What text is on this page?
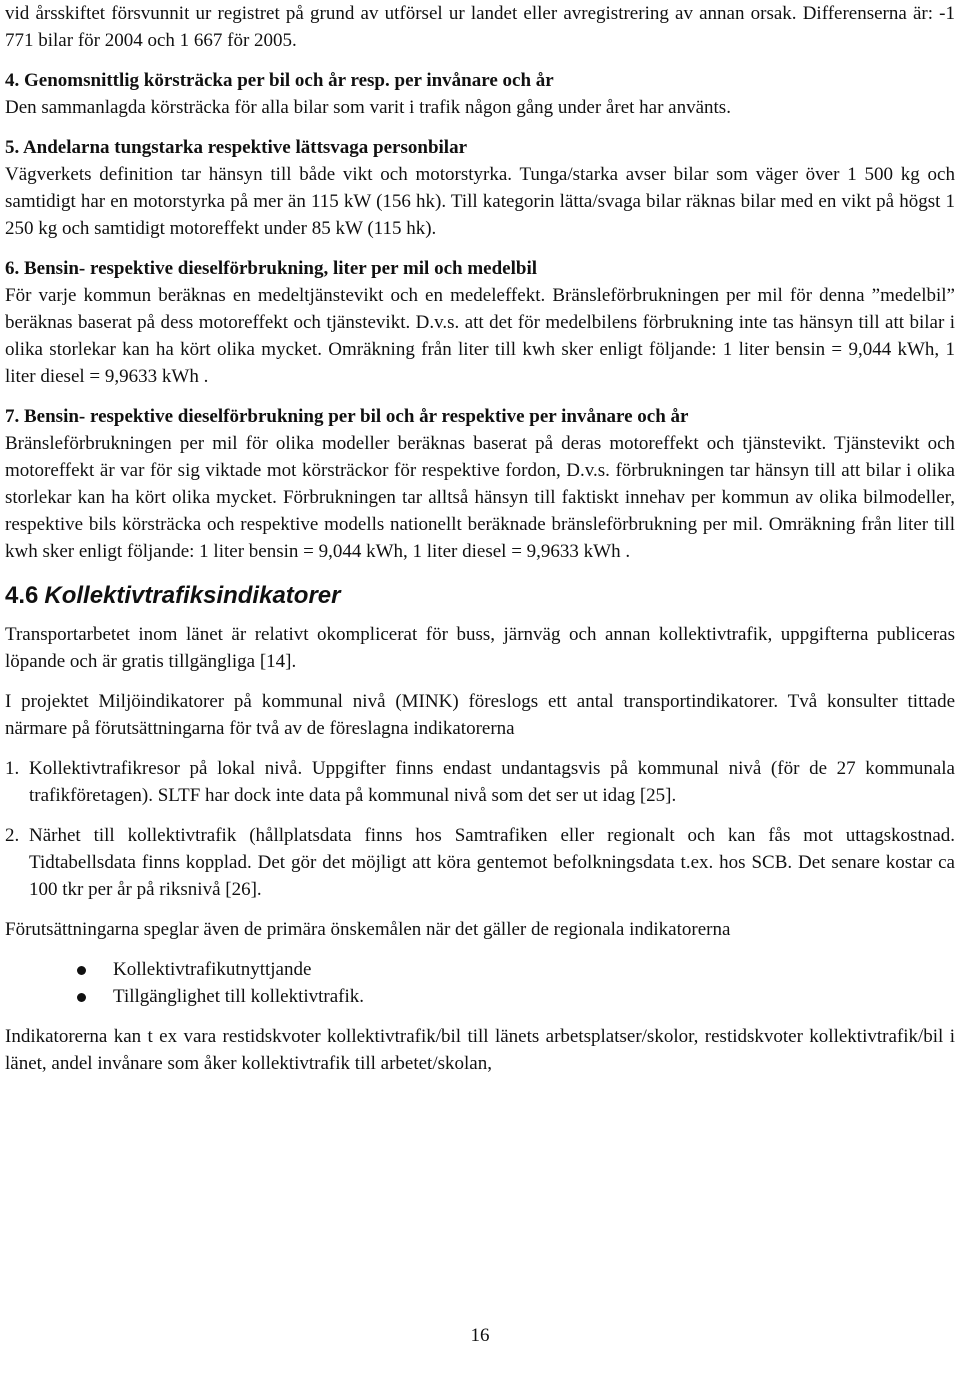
vid årsskiftet försvunnit ur registret på grund av utförsel ur landet eller avregistrering av annan orsak. Differenserna är: -1 771 bilar för 2004 och 1 667 för 2005.

4. Genomsnittlig körsträcka per bil och år resp. per invånare och år

Den sammanlagda körsträcka för alla bilar som varit i trafik någon gång under året har använts.

5. Andelarna tungstarka respektive lättsvaga personbilar

Vägverkets definition tar hänsyn till både vikt och motorstyrka. Tunga/starka avser bilar som väger över 1 500 kg och samtidigt har en motorstyrka på mer än 115 kW (156 hk). Till kategorin lätta/svaga bilar räknas bilar med en vikt på högst 1 250 kg och samtidigt motoreffekt under 85 kW (115 hk).

6. Bensin- respektive dieselförbrukning, liter per mil och medelbil

För varje kommun beräknas en medeltjänstevikt och en medeleffekt. Bränsleförbrukningen per mil för denna ”medelbil” beräknas baserat på dess motoreffekt och tjänstevikt. D.v.s. att det för medelbilens förbrukning inte tas hänsyn till att bilar i olika storlekar kan ha kört olika mycket. Omräkning från liter till kwh sker enligt följande: 1 liter bensin = 9,044 kWh, 1 liter diesel = 9,9633 kWh .

7. Bensin- respektive dieselförbrukning per bil och år respektive per invånare och år

Bränsleförbrukningen per mil för olika modeller beräknas baserat på deras motoreffekt och tjänstevikt. Tjänstevikt och motoreffekt är var för sig viktade mot körsträckor för respektive fordon, D.v.s. förbrukningen tar hänsyn till att bilar i olika storlekar kan ha kört olika mycket. Förbrukningen tar alltså hänsyn till faktiskt innehav per kommun av olika bilmodeller, respektive bils körsträcka och respektive modells nationellt beräknade bränsleförbrukning per mil. Omräkning från liter till kwh sker enligt följande: 1 liter bensin = 9,044 kWh, 1 liter diesel = 9,9633 kWh .

4.6 Kollektivtrafiksindikatorer

Transportarbetet inom länet är relativt okomplicerat för buss, järnväg och annan kollektivtrafik, uppgifterna publiceras löpande och är gratis tillgängliga [14].

I projektet Miljöindikatorer på kommunal nivå (MINK) föreslogs ett antal transportindikatorer. Två konsulter tittade närmare på förutsättningarna för två av de föreslagna indikatorerna

1. Kollektivtrafikresor på lokal nivå. Uppgifter finns endast undantagsvis på kommunal nivå (för de 27 kommunala trafikföretagen). SLTF har dock inte data på kommunal nivå som det ser ut idag [25].
2. Närhet till kollektivtrafik (hållplatsdata finns hos Samtrafiken eller regionalt och kan fås mot uttagskostnad. Tidtabellsdata finns kopplad. Det gör det möjligt att köra gentemot befolkningsdata t.ex. hos SCB. Det senare kostar ca 100 tkr per år på riksnivå [26].

Förutsättningarna speglar även de primära önskemålen när det gäller de regionala indikatorerna

Kollektivtrafikutnyttjande
Tillgänglighet till kollektivtrafik.

Indikatorerna kan t ex vara restidskvoter kollektivtrafik/bil till länets arbetsplatser/skolor, restidskvoter kollektivtrafik/bil i länet, andel invånare som åker kollektivtrafik till arbetet/skolan,

16
